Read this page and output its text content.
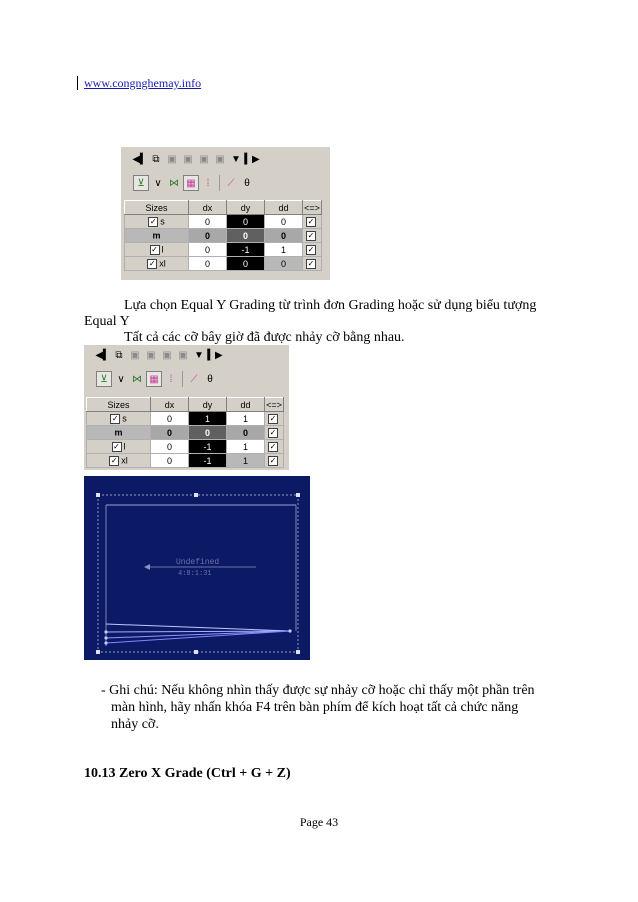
www.congnghemay.info
◀▍ ⧉ ▣ ▣ ▣ ▣ ▼ ▍▶
⊻ ∨ ⋈ ▦	⁞	⟋ θ
Sizes	dx	dy	dd	<=>
✓ s	0	0	0	✓
m	0	0	0	✓
✓ l	0	-1	1	✓
✓ xl	0	0	0	✓
Lựa chọn Equal Y Grading từ trình đơn Grading hoặc sử dụng biểu tượng
Equal Y
Tất cả các cỡ bây giờ đã được nhảy cỡ bằng nhau.
◀▍ ⧉ ▣ ▣ ▣ ▣ ▼ ▍▶
⊻ ∨ ⋈ ▦	⁞	⟋ θ
Sizes	dx	dy	dd	<=>
✓ s	0	1	1	✓
m	0	0	0	✓
✓ l	0	-1	1	✓
✓ xl	0	-1	1	✓
Undefined
4:8:1:31
- Ghi chú: Nếu không nhìn thấy được sự nhảy cỡ hoặc chỉ thấy một phần trên
màn hình, hãy nhấn khóa F4 trên bàn phím để kích hoạt tất cả chức năng
nhảy cỡ.
10.13 Zero X Grade (Ctrl + G + Z)
Page 43
